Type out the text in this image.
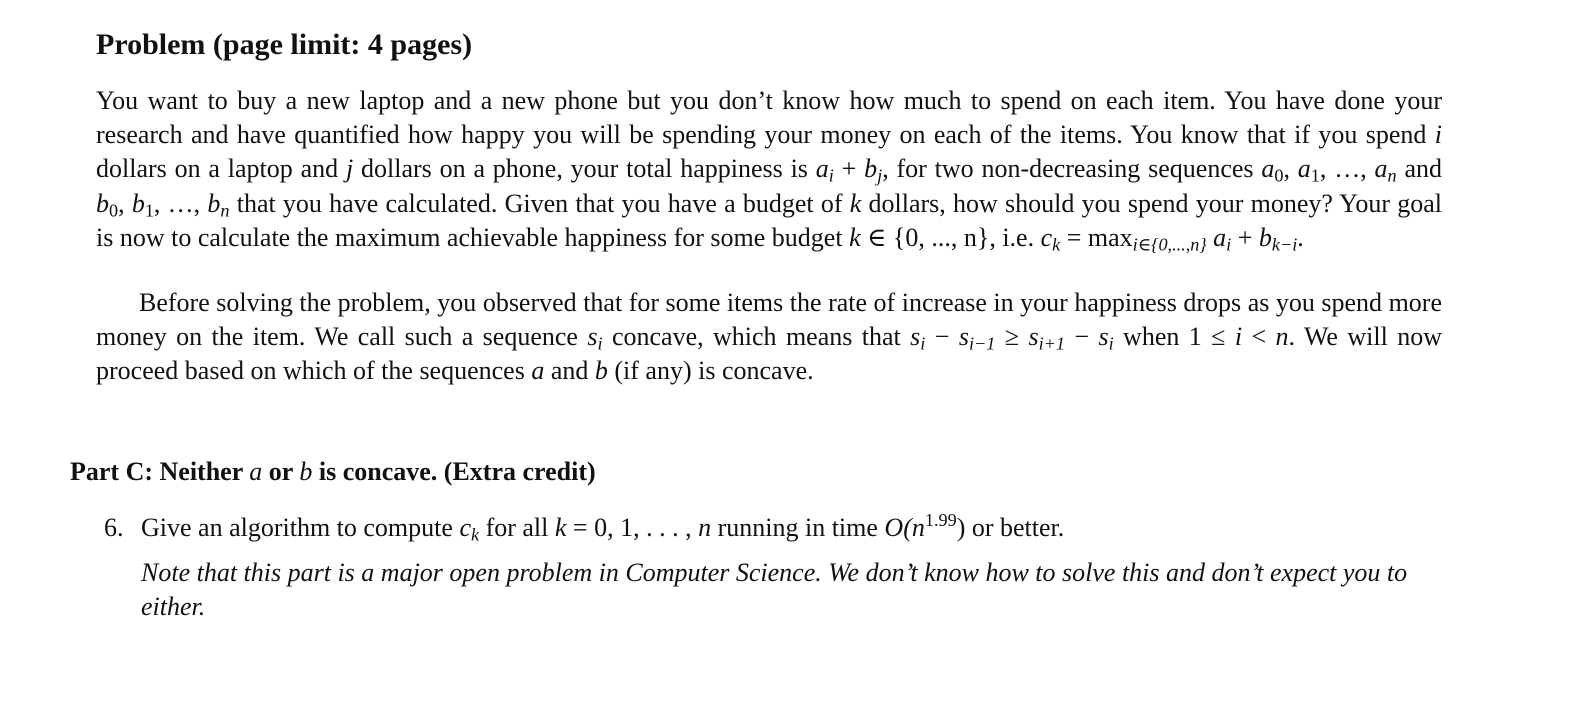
Problem (page limit: 4 pages)
You want to buy a new laptop and a new phone but you don’t know how much to spend on each item. You have done your research and have quantified how happy you will be spending your money on each of the items. You know that if you spend i dollars on a laptop and j dollars on a phone, your total happiness is $a_i + b_j$, for two non-decreasing sequences $a_0$, $a_1$, …, $a_n$ and $b_0$, $b_1$, …, $b_n$ that you have calculated. Given that you have a budget of k dollars, how should you spend your money? Your goal is now to calculate the maximum achievable happiness for some budget k ∈ {0, ..., n}, i.e. $c_k = \max_{i\in\{0,...,n\}} a_i + b_{k-i}$.
Before solving the problem, you observed that for some items the rate of increase in your happiness drops as you spend more money on the item. We call such a sequence $s_i$ concave, which means that $s_i - s_{i-1} \ge s_{i+1} - s_i$ when 1 ≤ i < n. We will now proceed based on which of the sequences a and b (if any) is concave.
Part C: Neither a or b is concave. (Extra credit)
6. Give an algorithm to compute $c_k$ for all k = 0, 1, . . . , n running in time $O(n^{1.99})$ or better.
Note that this part is a major open problem in Computer Science. We don’t know how to solve this and don’t expect you to either.
